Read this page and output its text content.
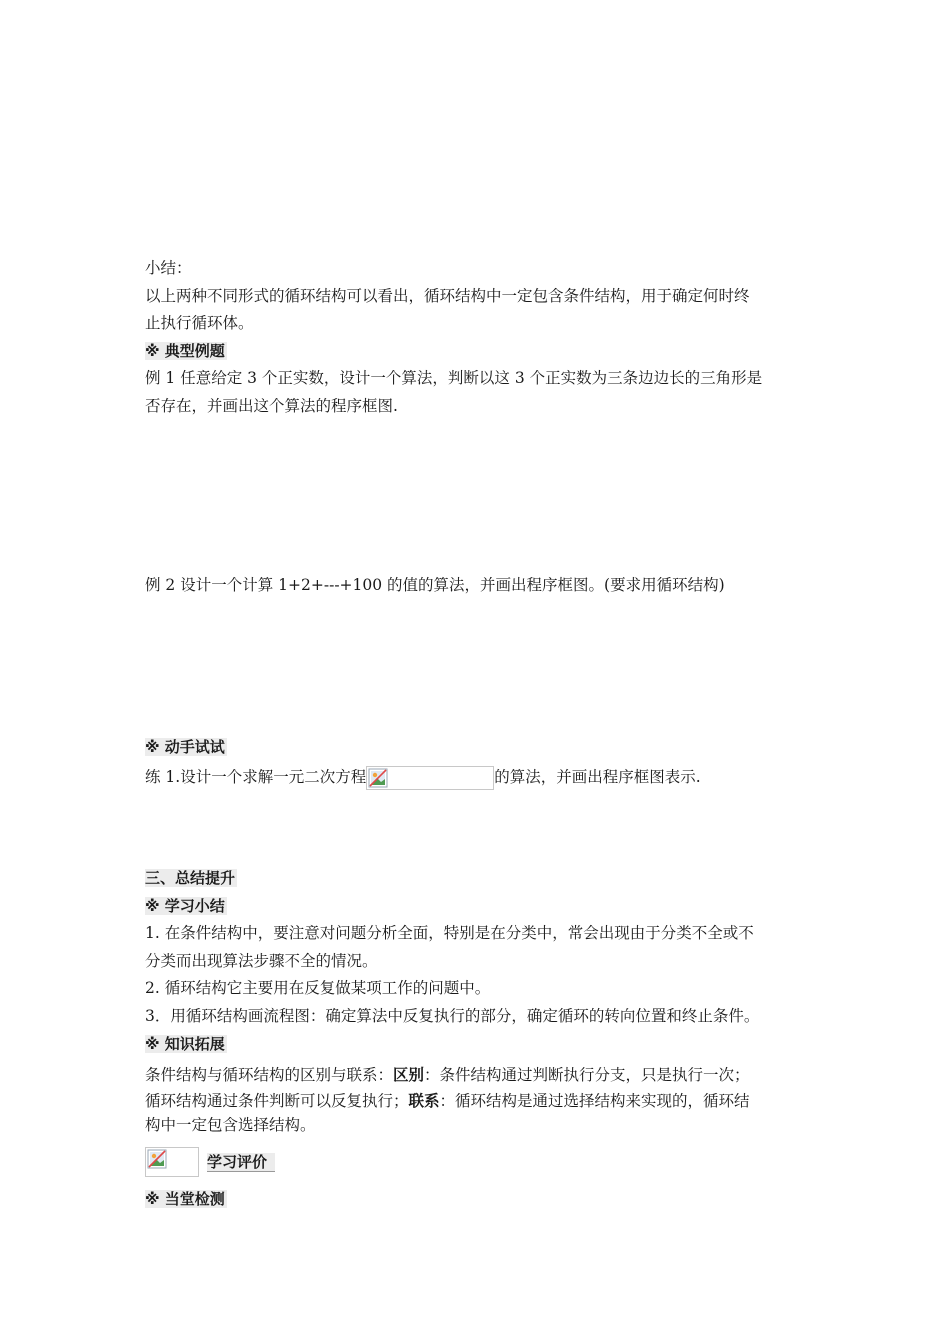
小结：
以上两种不同形式的循环结构可以看出，循环结构中一定包含条件结构，用于确定何时终
止执行循环体。
※ 典型例题
例 1 任意给定 3 个正实数，设计一个算法，判断以这 3 个正实数为三条边边长的三角形是
否存在，并画出这个算法的程序框图.
例 2 设计一个计算 1+2+---+100 的值的算法，并画出程序框图。(要求用循环结构)
※ 动手试试
练 1.设计一个求解一元二次方程	的算法，并画出程序框图表示.
三、总结提升
※ 学习小结
1. 在条件结构中，要注意对问题分析全面，特别是在分类中，常会出现由于分类不全或不
分类而出现算法步骤不全的情况。
2. 循环结构它主要用在反复做某项工作的问题中。
3．用循环结构画流程图：确定算法中反复执行的部分，确定循环的转向位置和终止条件。
※ 知识拓展
条件结构与循环结构的区别与联系：区别：条件结构通过判断执行分支，只是执行一次；
循环结构通过条件判断可以反复执行；联系：循环结构是通过选择结构来实现的，循环结
构中一定包含选择结构。
学习评价
※ 当堂检测
